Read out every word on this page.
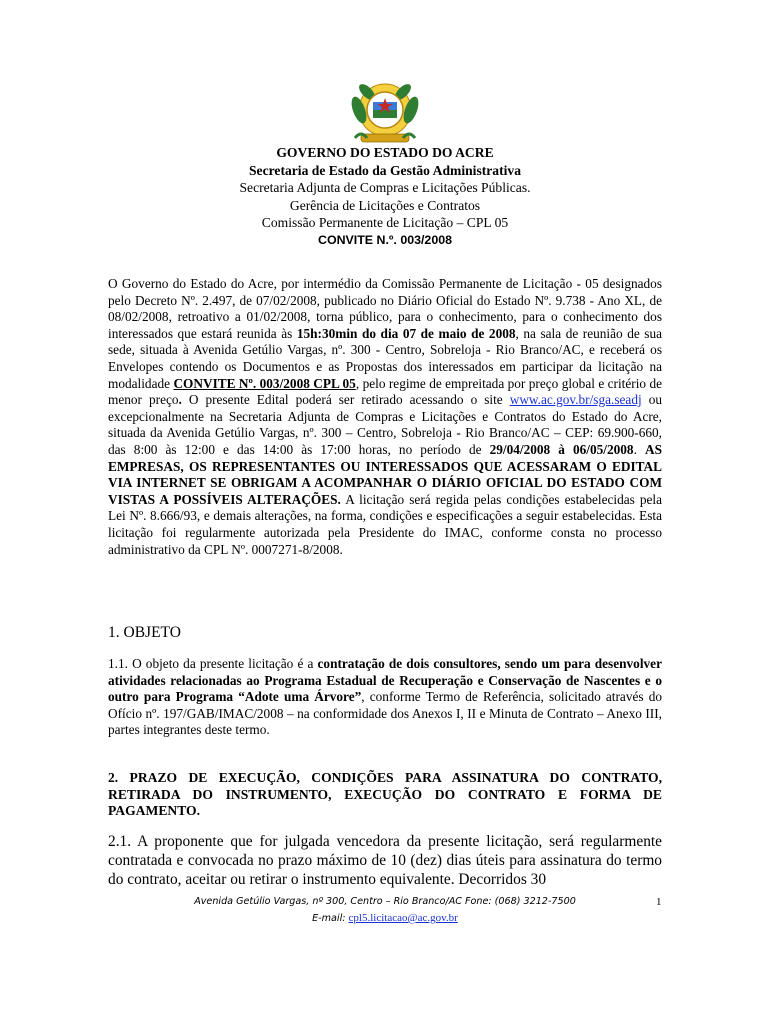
GOVERNO DO ESTADO DO ACRE
Secretaria de Estado da Gestão Administrativa
Secretaria Adjunta de Compras e Licitações Públicas.
Gerência de Licitações e Contratos
Comissão Permanente de Licitação – CPL 05
CONVITE N.º. 003/2008
O Governo do Estado do Acre, por intermédio da Comissão Permanente de Licitação - 05 designados pelo Decreto Nº. 2.497, de 07/02/2008, publicado no Diário Oficial do Estado Nº. 9.738 - Ano XL, de 08/02/2008, retroativo a 01/02/2008, torna público, para o conhecimento, para o conhecimento dos interessados que estará reunida às 15h:30min do dia 07 de maio de 2008, na sala de reunião de sua sede, situada à Avenida Getúlio Vargas, nº. 300 - Centro, Sobreloja - Rio Branco/AC, e receberá os Envelopes contendo os Documentos e as Propostas dos interessados em participar da licitação na modalidade CONVITE Nº. 003/2008 CPL 05, pelo regime de empreitada por preço global e critério de menor preço. O presente Edital poderá ser retirado acessando o site www.ac.gov.br/sga.seadj ou excepcionalmente na Secretaria Adjunta de Compras e Licitações e Contratos do Estado do Acre, situada da Avenida Getúlio Vargas, nº. 300 – Centro, Sobreloja - Rio Branco/AC – CEP: 69.900-660, das 8:00 às 12:00 e das 14:00 às 17:00 horas, no período de 29/04/2008 à 06/05/2008. AS EMPRESAS, OS REPRESENTANTES OU INTERESSADOS QUE ACESSARAM O EDITAL VIA INTERNET SE OBRIGAM A ACOMPANHAR O DIÁRIO OFICIAL DO ESTADO COM VISTAS A POSSÍVEIS ALTERAÇÕES. A licitação será regida pelas condições estabelecidas pela Lei Nº. 8.666/93, e demais alterações, na forma, condições e especificações a seguir estabelecidas. Esta licitação foi regularmente autorizada pela Presidente do IMAC, conforme consta no processo administrativo da CPL Nº. 0007271-8/2008.
1. OBJETO
1.1. O objeto da presente licitação é a contratação de dois consultores, sendo um para desenvolver atividades relacionadas ao Programa Estadual de Recuperação e Conservação de Nascentes e o outro para Programa “Adote uma Árvore”, conforme Termo de Referência, solicitado através do Ofício nº. 197/GAB/IMAC/2008 – na conformidade dos Anexos I, II e Minuta de Contrato – Anexo III, partes integrantes deste termo.
2. PRAZO DE EXECUÇÃO, CONDIÇÕES PARA ASSINATURA DO CONTRATO, RETIRADA DO INSTRUMENTO, EXECUÇÃO DO CONTRATO E FORMA DE PAGAMENTO.
2.1. A proponente que for julgada vencedora da presente licitação, será regularmente contratada e convocada no prazo máximo de 10 (dez) dias úteis para assinatura do termo do contrato, aceitar ou retirar o instrumento equivalente. Decorridos 30
Avenida Getúlio Vargas, nº 300, Centro – Rio Branco/AC Fone: (068) 3212-7500	1
E-mail: cpl5.licitacao@ac.gov.br
